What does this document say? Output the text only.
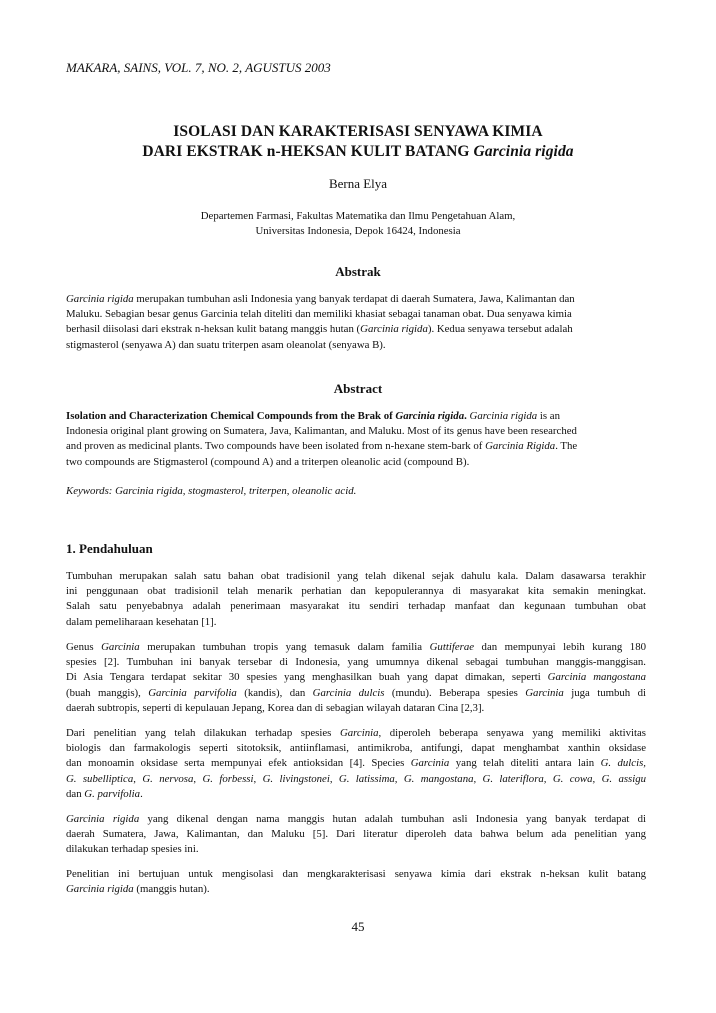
MAKARA, SAINS, VOL. 7, NO. 2, AGUSTUS 2003
ISOLASI DAN KARAKTERISASI SENYAWA KIMIA
DARI EKSTRAK n-HEKSAN KULIT BATANG Garcinia rigida
Berna Elya
Departemen Farmasi, Fakultas Matematika dan Ilmu Pengetahuan Alam,
Universitas Indonesia, Depok 16424, Indonesia
Abstrak
Garcinia rigida merupakan tumbuhan asli Indonesia yang banyak terdapat di daerah Sumatera, Jawa, Kalimantan dan
Maluku. Sebagian besar genus Garcinia telah diteliti dan memiliki khasiat sebagai tanaman obat. Dua senyawa kimia
berhasil diisolasi dari ekstrak n-heksan kulit batang manggis hutan (Garcinia rigida). Kedua senyawa tersebut adalah
stigmasterol (senyawa A) dan suatu triterpen asam oleanolat (senyawa B).
Abstract
Isolation and Characterization Chemical Compounds from the Brak of Garcinia rigida. Garcinia rigida is an
Indonesia original plant growing on Sumatera, Java, Kalimantan, and Maluku. Most of its genus have been researched
and proven as medicinal plants. Two compounds have been isolated from n-hexane stem-bark of Garcinia Rigida. The
two compounds are Stigmasterol (compound A) and a triterpen oleanolic acid (compound B).
Keywords: Garcinia rigida, stogmasterol, triterpen, oleanolic acid.
1. Pendahuluan
Tumbuhan merupakan salah satu bahan obat tradisionil yang telah dikenal sejak dahulu kala. Dalam dasawarsa terakhir
ini penggunaan obat tradisionil telah menarik perhatian dan kepopulerannya di masyarakat kita semakin meningkat.
Salah satu penyebabnya adalah penerimaan masyarakat itu sendiri terhadap manfaat dan kegunaan tumbuhan obat
dalam pemeliharaan kesehatan [1].
Genus Garcinia merupakan tumbuhan tropis yang temasuk dalam familia Guttiferae dan mempunyai lebih kurang 180
spesies [2]. Tumbuhan ini banyak tersebar di Indonesia, yang umumnya dikenal sebagai tumbuhan manggis-manggisan.
Di Asia Tengara terdapat sekitar 30 spesies yang menghasilkan buah yang dapat dimakan, seperti Garcinia mangostana
(buah manggis), Garcinia parvifolia (kandis), dan Garcinia dulcis (mundu). Beberapa spesies Garcinia juga tumbuh di
daerah subtropis, seperti di kepulauan Jepang, Korea dan di sebagian wilayah dataran Cina [2,3].
Dari penelitian yang telah dilakukan terhadap spesies Garcinia, diperoleh beberapa senyawa yang memiliki aktivitas
biologis dan farmakologis seperti sitotoksik, antiinflamasi, antimikroba, antifungi, dapat menghambat xanthin oksidase
dan monoamin oksidase serta mempunyai efek antioksidan [4]. Species Garcinia yang telah diteliti antara lain G. dulcis,
G. subelliptica, G. nervosa, G. forbessi, G. livingstonei, G. latissima, G. mangostana, G. lateriflora, G. cowa, G. assigu
dan G. parvifolia.
Garcinia rigida yang dikenal dengan nama manggis hutan adalah tumbuhan asli Indonesia yang banyak terdapat di
daerah Sumatera, Jawa, Kalimantan, dan Maluku [5]. Dari literatur diperoleh data bahwa belum ada penelitian yang
dilakukan terhadap spesies ini.
Penelitian ini bertujuan untuk mengisolasi dan mengkarakterisasi senyawa kimia dari ekstrak n-heksan kulit batang
Garcinia rigida (manggis hutan).
45
